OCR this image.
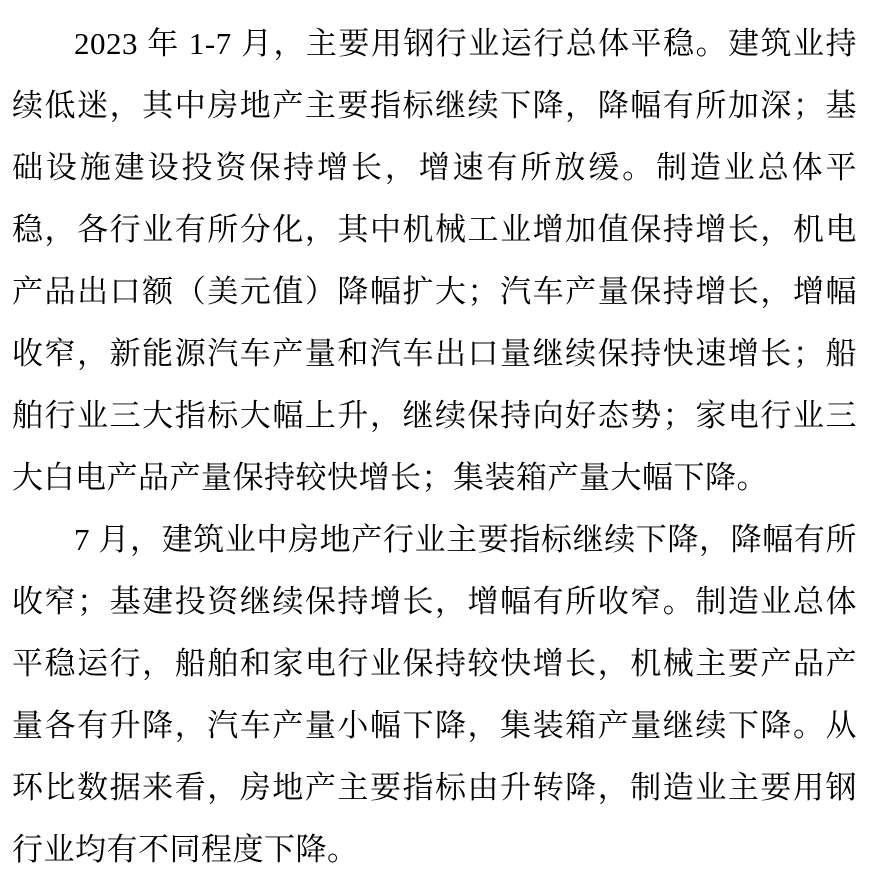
2023 年 1-7 月，主要用钢行业运行总体平稳。建筑业持续低迷，其中房地产主要指标继续下降，降幅有所加深；基础设施建设投资保持增长，增速有所放缓。制造业总体平稳，各行业有所分化，其中机械工业增加值保持增长，机电产品出口额（美元值）降幅扩大；汽车产量保持增长，增幅收窄，新能源汽车产量和汽车出口量继续保持快速增长；船舶行业三大指标大幅上升，继续保持向好态势；家电行业三大白电产品产量保持较快增长；集装箱产量大幅下降。

7 月，建筑业中房地产行业主要指标继续下降，降幅有所收窄；基建投资继续保持增长，增幅有所收窄。制造业总体平稳运行，船舶和家电行业保持较快增长，机械主要产品产量各有升降，汽车产量小幅下降，集装箱产量继续下降。从环比数据来看，房地产主要指标由升转降，制造业主要用钢行业均有不同程度下降。
